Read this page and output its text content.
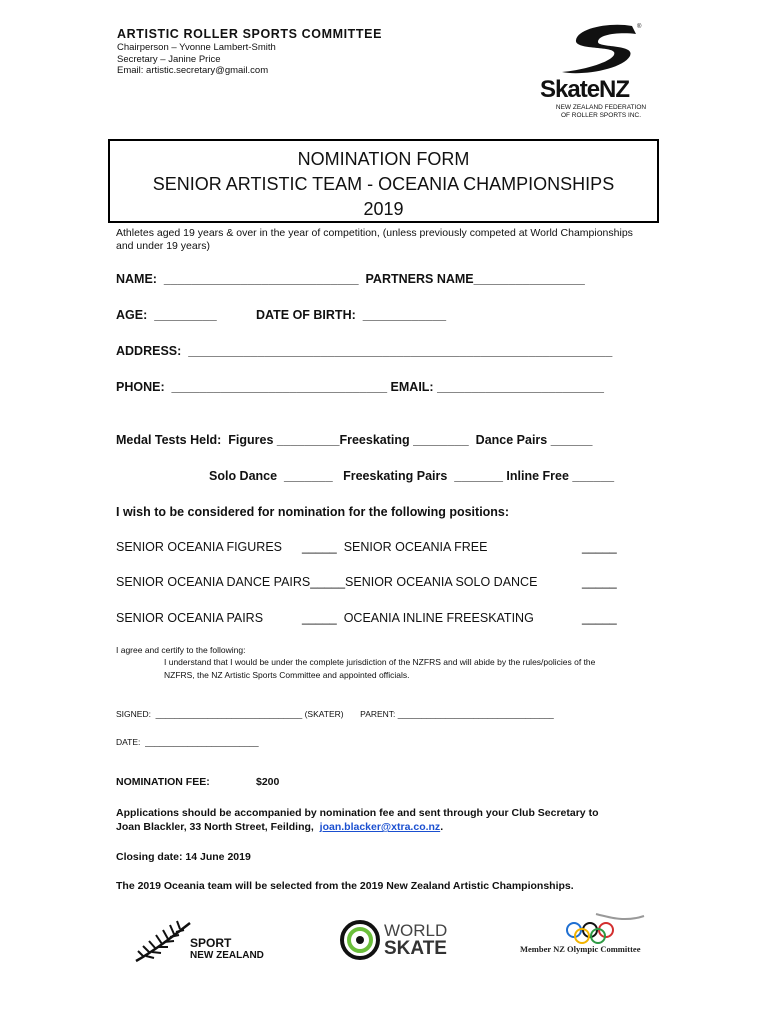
ARTISTIC ROLLER SPORTS COMMITTEE
Chairperson – Yvonne Lambert-Smith
Secretary – Janine Price
Email: artistic.secretary@gmail.com
®
SkateNZ
NEW ZEALAND FEDERATION
OF ROLLER SPORTS INC.
NOMINATION FORM
SENIOR ARTISTIC TEAM - OCEANIA CHAMPIONSHIPS
2019
Athletes aged 19 years & over in the year of competition, (unless previously competed at World Championships and under 19 years)
NAME:  ____________________________  PARTNERS NAME________________
AGE:  _________	DATE OF BIRTH:  ____________
ADDRESS:  _____________________________________________________________
PHONE:  _______________________________ EMAIL: ________________________
Medal Tests Held:  Figures _________Freeskating ________  Dance Pairs ______
Solo Dance  _______   Freeskating Pairs  _______ Inline Free ______
I wish to be considered for nomination for the following positions:
SENIOR OCEANIA FIGURES _____  SENIOR OCEANIA FREE	_____
SENIOR OCEANIA DANCE PAIRS_____SENIOR OCEANIA SOLO DANCE	_____
SENIOR OCEANIA PAIRS	_____  OCEANIA INLINE FREESKATING	_____
I agree and certify to the following:
I understand that I would be under the complete jurisdiction of the NZFRS and will abide by the rules/policies of the
NZFRS, the NZ Artistic Sports Committee and appointed officials.
SIGNED:  _______________________________ (SKATER)       PARENT: _________________________________
DATE:  ________________________
NOMINATION FEE:	$200
Applications should be accompanied by nomination fee and sent through your Club Secretary to
Joan Blackler, 33 North Street, Feilding,  joan.blacker@xtra.co.nz.
Closing date: 14 June 2019
The 2019 Oceania team will be selected from the 2019 New Zealand Artistic Championships.
SPORT
NEW ZEALAND
WORLD
SKATE	Member NZ Olympic Committee
